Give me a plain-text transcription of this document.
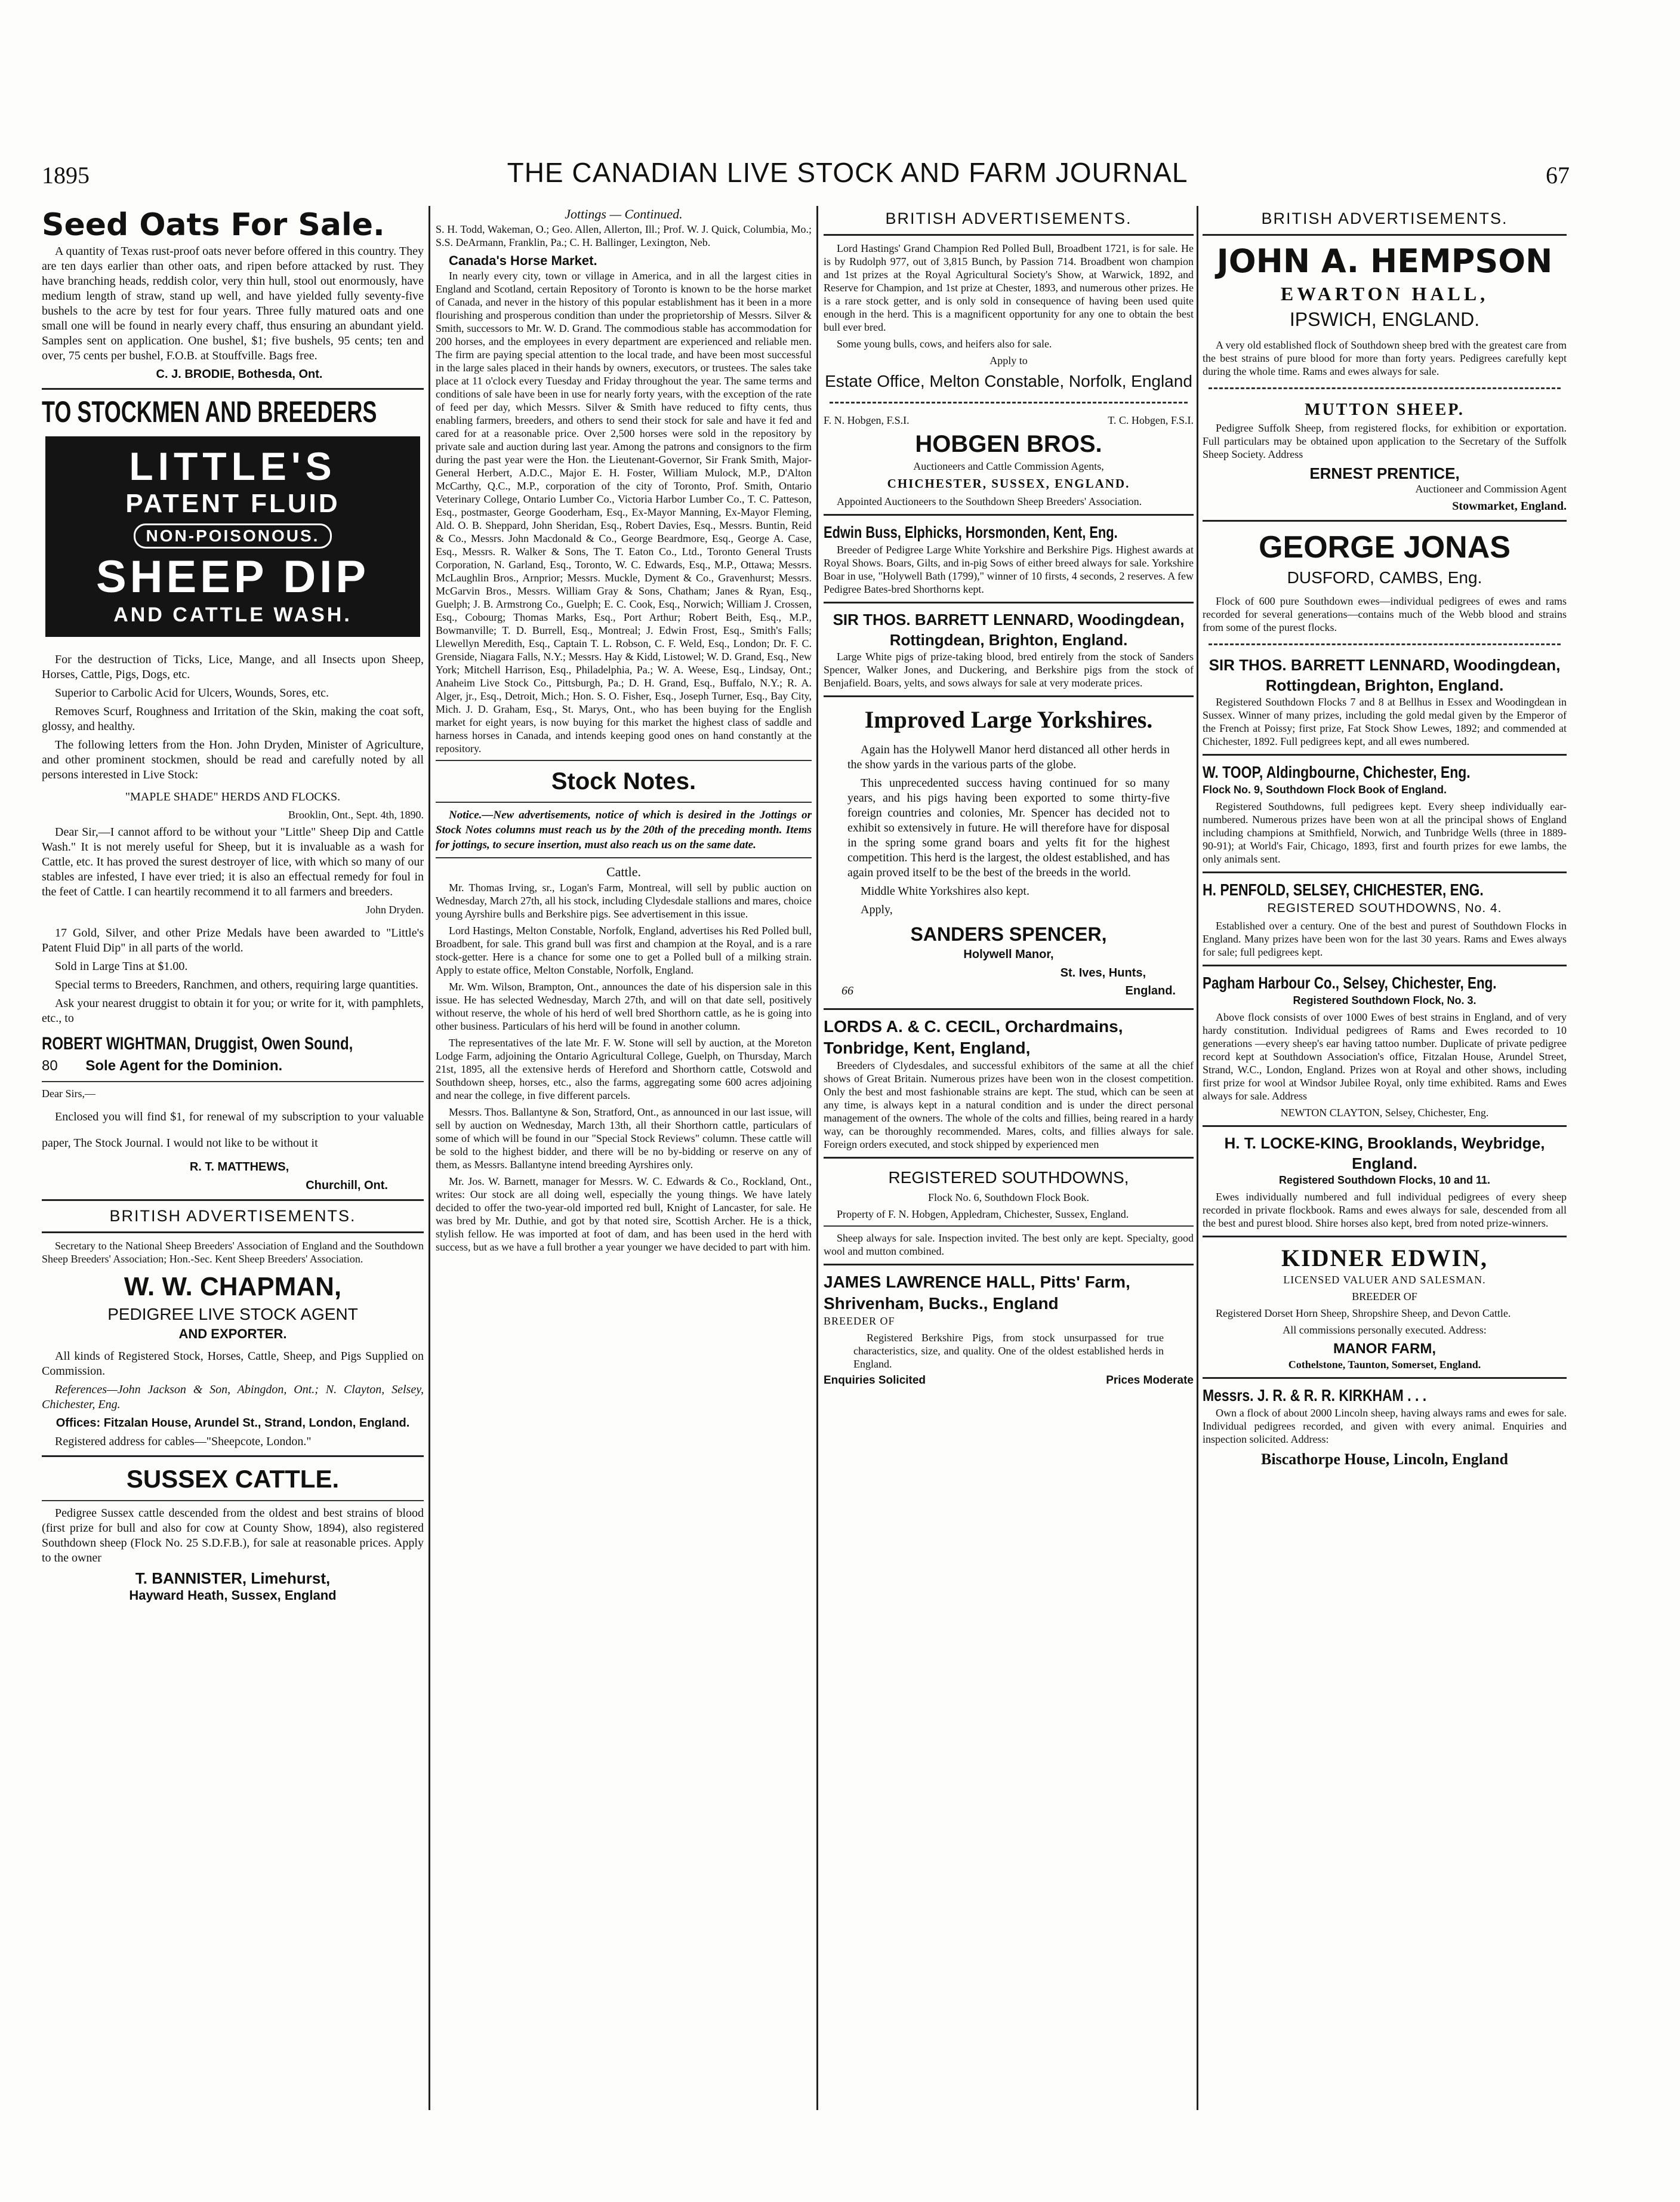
1895	THE CANADIAN LIVE STOCK AND FARM JOURNAL	67
Seed Oats For Sale.

A quantity of Texas rust-proof oats never before offered in this country. They are ten days earlier than other oats, and ripen before attacked by rust. They have branching heads, reddish color, very thin hull, stool out enormously, have medium length of straw, stand up well, and have yielded fully seventy-five bushels to the acre by test for four years. Three fully matured oats and one small one will be found in nearly every chaff, thus ensuring an abundant yield. Samples sent on application. One bushel, $1; five bushels, 95 cents; ten and over, 75 cents per bushel, F.O.B. at Stouffville. Bags free.

C. J. BRODIE, Bothesda, Ont.

TO STOCKMEN AND BREEDERS
LITTLE'S
PATENT FLUID
NON-POISONOUS.
SHEEP DIP
AND CATTLE WASH.

For the destruction of Ticks, Lice, Mange, and all Insects upon Sheep, Horses, Cattle, Pigs, Dogs, etc.

Superior to Carbolic Acid for Ulcers, Wounds, Sores, etc.

Removes Scurf, Roughness and Irritation of the Skin, making the coat soft, glossy, and healthy.

The following letters from the Hon. John Dryden, Minister of Agriculture, and other prominent stockmen, should be read and carefully noted by all persons interested in Live Stock:

"MAPLE SHADE" HERDS AND FLOCKS.

Brooklin, Ont., Sept. 4th, 1890.

Dear Sir,—I cannot afford to be without your "Little" Sheep Dip and Cattle Wash." It is not merely useful for Sheep, but it is invaluable as a wash for Cattle, etc. It has proved the surest destroyer of lice, with which so many of our stables are infested, I have ever tried; it is also an effectual remedy for foul in the feet of Cattle. I can heartily recommend it to all farmers and breeders.

John Dryden.

17 Gold, Silver, and other Prize Medals have been awarded to "Little's Patent Fluid Dip" in all parts of the world.

Sold in Large Tins at $1.00.

Special terms to Breeders, Ranchmen, and others, requiring large quantities.

Ask your nearest druggist to obtain it for you; or write for it, with pamphlets, etc., to

ROBERT WIGHTMAN, Druggist, Owen Sound,
80 Sole Agent for the Dominion.

Dear Sirs,—

Enclosed you will find $1, for renewal of my subscription to your valuable paper, The Stock Journal. I would not like to be without it

R. T. MATTHEWS,

Churchill, Ont.

BRITISH ADVERTISEMENTS.

Secretary to the National Sheep Breeders' Association of England and the Southdown Sheep Breeders' Association; Hon.-Sec. Kent Sheep Breeders' Association.

W. W. CHAPMAN,
PEDIGREE LIVE STOCK AGENT
AND EXPORTER.

All kinds of Registered Stock, Horses, Cattle, Sheep, and Pigs Supplied on Commission.

References—John Jackson & Son, Abingdon, Ont.; N. Clayton, Selsey, Chichester, Eng.

Offices: Fitzalan House, Arundel St., Strand, London, England.

Registered address for cables—"Sheepcote, London."

SUSSEX CATTLE.

Pedigree Sussex cattle descended from the oldest and best strains of blood (first prize for bull and also for cow at County Show, 1894), also registered Southdown sheep (Flock No. 25 S.D.F.B.), for sale at reasonable prices. Apply to the owner

T. BANNISTER, Limehurst,
Hayward Heath, Sussex, England
Jottings — Continued.

S. H. Todd, Wakeman, O.; Geo. Allen, Allerton, Ill.; Prof. W. J. Quick, Columbia, Mo.; S.S. DeArmann, Franklin, Pa.; C. H. Ballinger, Lexington, Neb.

Canada's Horse Market.

In nearly every city, town or village in America, and in all the largest cities in England and Scotland, certain Repository of Toronto is known to be the horse market of Canada, and never in the history of this popular establishment has it been in a more flourishing and prosperous condition than under the proprietorship of Messrs. Silver & Smith, successors to Mr. W. D. Grand. The commodious stable has accommodation for 200 horses, and the employees in every department are experienced and reliable men. The firm are paying special attention to the local trade, and have been most successful in the large sales placed in their hands by owners, executors, or trustees. The sales take place at 11 o'clock every Tuesday and Friday throughout the year. The same terms and conditions of sale have been in use for nearly forty years, with the exception of the rate of feed per day, which Messrs. Silver & Smith have reduced to fifty cents, thus enabling farmers, breeders, and others to send their stock for sale and have it fed and cared for at a reasonable price. Over 2,500 horses were sold in the repository by private sale and auction during last year. Among the patrons and consignors to the firm during the past year were the Hon. the Lieutenant-Governor, Sir Frank Smith, Major-General Herbert, A.D.C., Major E. H. Foster, William Mulock, M.P., D'Alton McCarthy, Q.C., M.P., corporation of the city of Toronto, Prof. Smith, Ontario Veterinary College, Ontario Lumber Co., Victoria Harbor Lumber Co., T. C. Patteson, Esq., postmaster, George Gooderham, Esq., Ex-Mayor Manning, Ex-Mayor Fleming, Ald. O. B. Sheppard, John Sheridan, Esq., Robert Davies, Esq., Messrs. Buntin, Reid & Co., Messrs. John Macdonald & Co., George Beardmore, Esq., George A. Case, Esq., Messrs. R. Walker & Sons, The T. Eaton Co., Ltd., Toronto General Trusts Corporation, N. Garland, Esq., Toronto, W. C. Edwards, Esq., M.P., Ottawa; Messrs. McLaughlin Bros., Arnprior; Messrs. Muckle, Dyment & Co., Gravenhurst; Messrs. McGarvin Bros., Messrs. William Gray & Sons, Chatham; Janes & Ryan, Esq., Guelph; J. B. Armstrong Co., Guelph; E. C. Cook, Esq., Norwich; William J. Crossen, Esq., Cobourg; Thomas Marks, Esq., Port Arthur; Robert Beith, Esq., M.P., Bowmanville; T. D. Burrell, Esq., Montreal; J. Edwin Frost, Esq., Smith's Falls; Llewellyn Meredith, Esq., Captain T. L. Robson, C. F. Weld, Esq., London; Dr. F. C. Grenside, Niagara Falls, N.Y.; Messrs. Hay & Kidd, Listowel; W. D. Grand, Esq., New York; Mitchell Harrison, Esq., Philadelphia, Pa.; W. A. Weese, Esq., Lindsay, Ont.; Anaheim Live Stock Co., Pittsburgh, Pa.; D. H. Grand, Esq., Buffalo, N.Y.; R. A. Alger, jr., Esq., Detroit, Mich.; Hon. S. O. Fisher, Esq., Joseph Turner, Esq., Bay City, Mich. J. D. Graham, Esq., St. Marys, Ont., who has been buying for the English market for eight years, is now buying for this market the highest class of saddle and harness horses in Canada, and intends keeping good ones on hand constantly at the repository.

Stock Notes.

Notice.—New advertisements, notice of which is desired in the Jottings or Stock Notes columns must reach us by the 20th of the preceding month. Items for jottings, to secure insertion, must also reach us on the same date.

Cattle.

Mr. Thomas Irving, sr., Logan's Farm, Montreal, will sell by public auction on Wednesday, March 27th, all his stock, including Clydesdale stallions and mares, choice young Ayrshire bulls and Berkshire pigs. See advertisement in this issue.

Lord Hastings, Melton Constable, Norfolk, England, advertises his Red Polled bull, Broadbent, for sale. This grand bull was first and champion at the Royal, and is a rare stock-getter. Here is a chance for some one to get a Polled bull of a milking strain. Apply to estate office, Melton Constable, Norfolk, England.

Mr. Wm. Wilson, Brampton, Ont., announces the date of his dispersion sale in this issue. He has selected Wednesday, March 27th, and will on that date sell, positively without reserve, the whole of his herd of well bred Shorthorn cattle, as he is going into other business. Particulars of his herd will be found in another column.

The representatives of the late Mr. F. W. Stone will sell by auction, at the Moreton Lodge Farm, adjoining the Ontario Agricultural College, Guelph, on Thursday, March 21st, 1895, all the extensive herds of Hereford and Shorthorn cattle, Cotswold and Southdown sheep, horses, etc., also the farms, aggregating some 600 acres adjoining and near the college, in five different parcels.

Messrs. Thos. Ballantyne & Son, Stratford, Ont., as announced in our last issue, will sell by auction on Wednesday, March 13th, all their Shorthorn cattle, particulars of some of which will be found in our "Special Stock Reviews" column. These cattle will be sold to the highest bidder, and there will be no by-bidding or reserve on any of them, as Messrs. Ballantyne intend breeding Ayrshires only.

Mr. Jos. W. Barnett, manager for Messrs. W. C. Edwards & Co., Rockland, Ont., writes: Our stock are all doing well, especially the young things. We have lately decided to offer the two-year-old imported red bull, Knight of Lancaster, for sale. He was bred by Mr. Duthie, and got by that noted sire, Scottish Archer. He is a thick, stylish fellow. He was imported at foot of dam, and has been used in the herd with success, but as we have a full brother a year younger we have decided to part with him.

BRITISH ADVERTISEMENTS.

Lord Hastings' Grand Champion Red Polled Bull, Broadbent 1721, is for sale. He is by Rudolph 977, out of 3,815 Bunch, by Passion 714. Broadbent won champion and 1st prizes at the Royal Agricultural Society's Show, at Warwick, 1892, and Reserve for Champion, and 1st prize at Chester, 1893, and numerous other prizes. He is a rare stock getter, and is only sold in consequence of having been used quite enough in the herd. This is a magnificent opportunity for any one to obtain the best bull ever bred.

Some young bulls, cows, and heifers also for sale.

Apply to

Estate Office, Melton Constable, Norfolk, England
F. N. Hobgen, F.S.I.	T. C. Hobgen, F.S.I.
HOBGEN BROS.

Auctioneers and Cattle Commission Agents,

CHICHESTER, SUSSEX, ENGLAND.

Appointed Auctioneers to the Southdown Sheep Breeders' Association.

Edwin Buss, Elphicks, Horsmonden, Kent, Eng.

Breeder of Pedigree Large White Yorkshire and Berkshire Pigs. Highest awards at Royal Shows. Boars, Gilts, and in-pig Sows of either breed always for sale. Yorkshire Boar in use, "Holywell Bath (1799)," winner of 10 firsts, 4 seconds, 2 reserves. A few Pedigree Bates-bred Shorthorns kept.

SIR THOS. BARRETT LENNARD, Woodingdean, Rottingdean, Brighton, England.

Large White pigs of prize-taking blood, bred entirely from the stock of Sanders Spencer, Walker Jones, and Duckering, and Berkshire pigs from the stock of Benjafield. Boars, yelts, and sows always for sale at very moderate prices.

Improved Large Yorkshires.

Again has the Holywell Manor herd distanced all other herds in the show yards in the various parts of the globe.

This unprecedented success having continued for so many years, and his pigs having been exported to some thirty-five foreign countries and colonies, Mr. Spencer has decided not to exhibit so extensively in future. He will therefore have for disposal in the spring some grand boars and yelts fit for the highest competition. This herd is the largest, the oldest established, and has again proved itself to be the best of the breeds in the world.

Middle White Yorkshires also kept.

Apply,

SANDERS SPENCER,

Holywell Manor,

St. Ives, Hunts,

66	England.
LORDS A. & C. CECIL, Orchardmains, Tonbridge, Kent, England,

Breeders of Clydesdales, and successful exhibitors of the same at all the chief shows of Great Britain. Numerous prizes have been won in the closest competition. Only the best and most fashionable strains are kept. The stud, which can be seen at any time, is always kept in a natural condition and is under the direct personal management of the owners. The whole of the colts and fillies, being reared in a hardy way, can be thoroughly recommended. Mares, colts, and fillies always for sale. Foreign orders executed, and stock shipped by experienced men

REGISTERED SOUTHDOWNS,

Flock No. 6, Southdown Flock Book.

Property of F. N. Hobgen, Appledram, Chichester, Sussex, England.

Sheep always for sale. Inspection invited. The best only are kept. Specialty, good wool and mutton combined.

JAMES LAWRENCE HALL, Pitts' Farm, Shrivenham, Bucks., England

BREEDER OF

Registered Berkshire Pigs, from stock unsurpassed for true characteristics, size, and quality. One of the oldest established herds in England.

Enquiries Solicited	Prices Moderate
BRITISH ADVERTISEMENTS.
JOHN A. HEMPSON
EWARTON HALL,
IPSWICH, ENGLAND.

A very old established flock of Southdown sheep bred with the greatest care from the best strains of pure blood for more than forty years. Pedigrees carefully kept during the whole time. Rams and ewes always for sale.

MUTTON SHEEP.

Pedigree Suffolk Sheep, from registered flocks, for exhibition or exportation. Full particulars may be obtained upon application to the Secretary of the Suffolk Sheep Society. Address

ERNEST PRENTICE,

Auctioneer and Commission Agent

Stowmarket, England.

GEORGE JONAS
DUSFORD, CAMBS, Eng.

Flock of 600 pure Southdown ewes—individual pedigrees of ewes and rams recorded for several generations—contains much of the Webb blood and strains from some of the purest flocks.

SIR THOS. BARRETT LENNARD, Woodingdean, Rottingdean, Brighton, England.

Registered Southdown Flocks 7 and 8 at Bellhus in Essex and Woodingdean in Sussex. Winner of many prizes, including the gold medal given by the Emperor of the French at Poissy; first prize, Fat Stock Show Lewes, 1892; and commended at Chichester, 1892. Full pedigrees kept, and all ewes numbered.

W. TOOP, Aldingbourne, Chichester, Eng.

Flock No. 9, Southdown Flock Book of England.

Registered Southdowns, full pedigrees kept. Every sheep individually ear-numbered. Numerous prizes have been won at all the principal shows of England including champions at Smithfield, Norwich, and Tunbridge Wells (three in 1889-90-91); at World's Fair, Chicago, 1893, first and fourth prizes for ewe lambs, the only animals sent.

H. PENFOLD, SELSEY, CHICHESTER, ENG.

REGISTERED SOUTHDOWNS, No. 4.

Established over a century. One of the best and purest of Southdown Flocks in England. Many prizes have been won for the last 30 years. Rams and Ewes always for sale; full pedigrees kept.

Pagham Harbour Co., Selsey, Chichester, Eng.

Registered Southdown Flock, No. 3.

Above flock consists of over 1000 Ewes of best strains in England, and of very hardy constitution. Individual pedigrees of Rams and Ewes recorded to 10 generations —every sheep's ear having tattoo number. Duplicate of private pedigree record kept at Southdown Association's office, Fitzalan House, Arundel Street, Strand, W.C., London, England. Prizes won at Royal and other shows, including first prize for wool at Windsor Jubilee Royal, only time exhibited. Rams and Ewes always for sale. Address

NEWTON CLAYTON, Selsey, Chichester, Eng.

H. T. LOCKE-KING, Brooklands, Weybridge, England.

Registered Southdown Flocks, 10 and 11.

Ewes individually numbered and full individual pedigrees of every sheep recorded in private flockbook. Rams and ewes always for sale, descended from all the best and purest blood. Shire horses also kept, bred from noted prize-winners.

KIDNER EDWIN,

LICENSED VALUER AND SALESMAN.

BREEDER OF

Registered Dorset Horn Sheep, Shropshire Sheep, and Devon Cattle.

All commissions personally executed. Address:

MANOR FARM,

Cothelstone, Taunton, Somerset, England.

Messrs. J. R. & R. R. KIRKHAM . . .

Own a flock of about 2000 Lincoln sheep, having always rams and ewes for sale. Individual pedigrees recorded, and given with every animal. Enquiries and inspection solicited. Address:

Biscathorpe House, Lincoln, England
